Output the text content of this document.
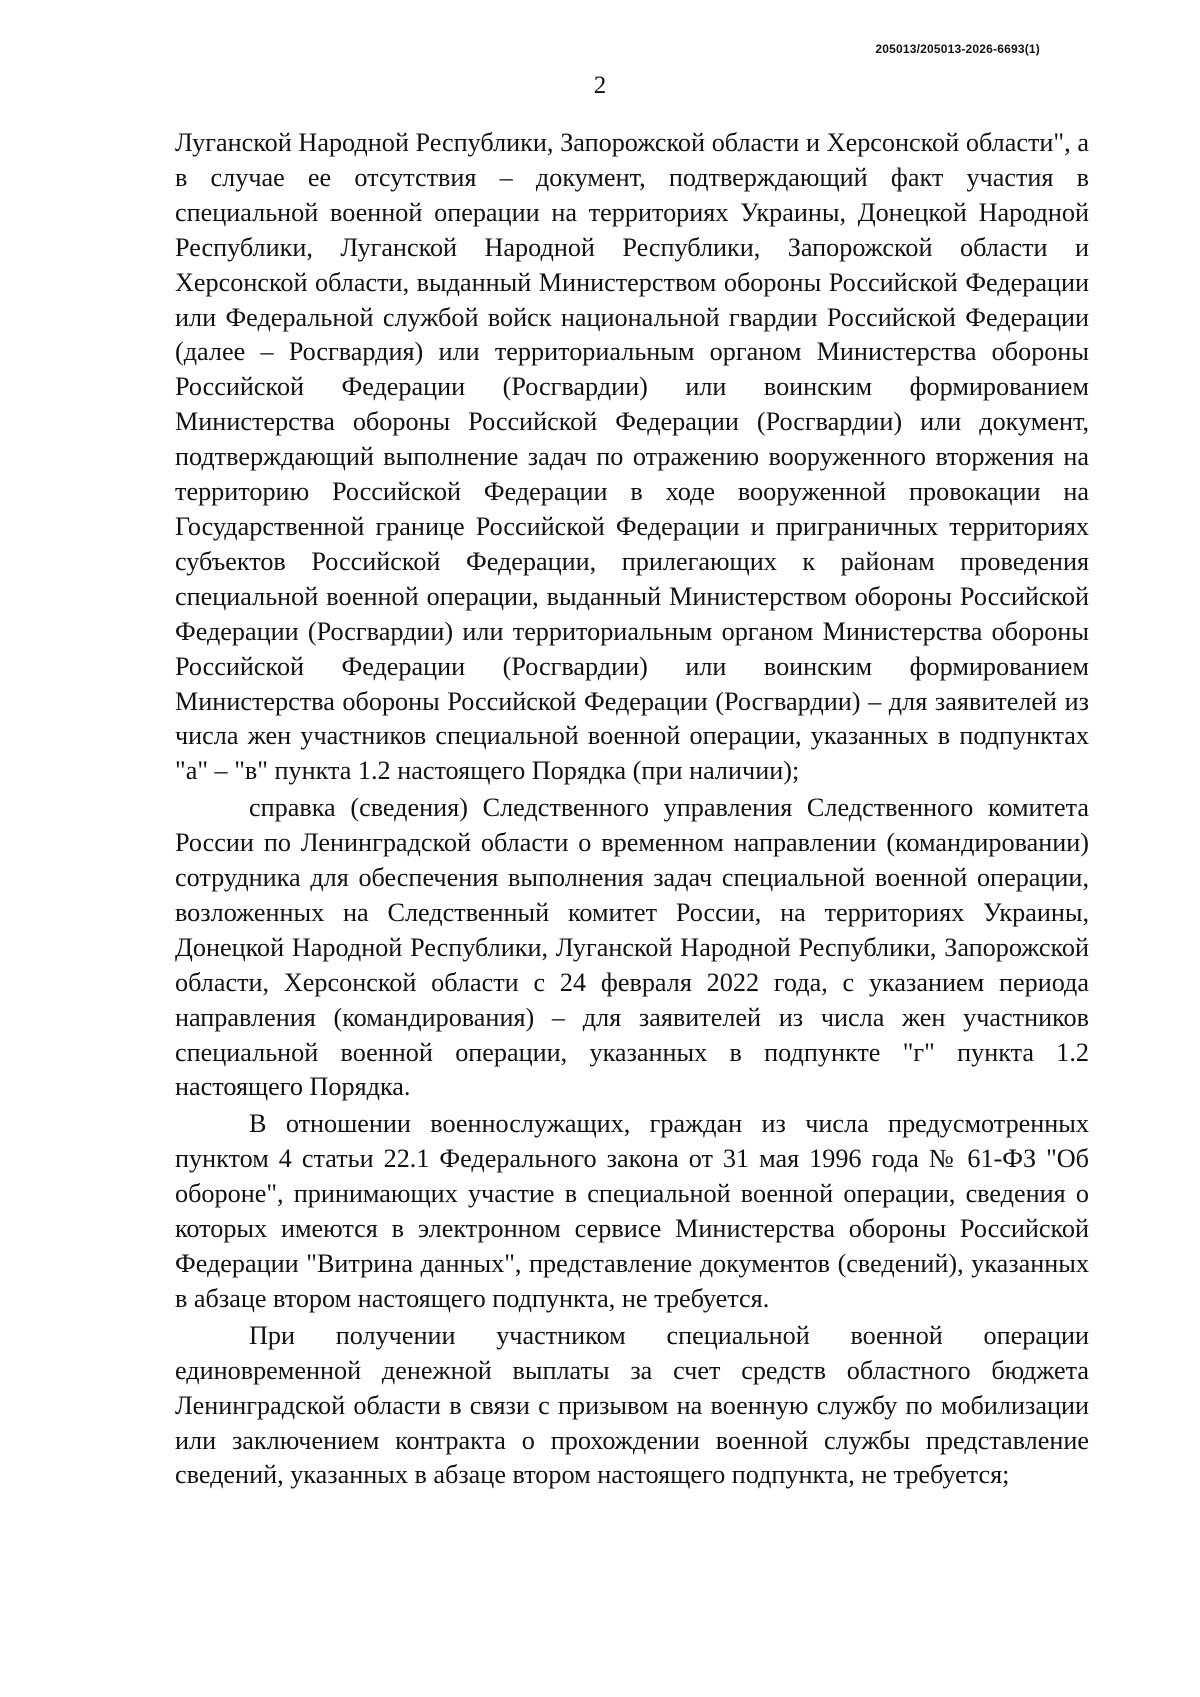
205013/205013-2026-6693(1)
2

Луганской Народной Республики, Запорожской области и Херсонской области", а в случае ее отсутствия – документ, подтверждающий факт участия в специальной военной операции на территориях Украины, Донецкой Народной Республики, Луганской Народной Республики, Запорожской области и Херсонской области, выданный Министерством обороны Российской Федерации или Федеральной службой войск национальной гвардии Российской Федерации (далее – Росгвардия) или территориальным органом Министерства обороны Российской Федерации (Росгвардии) или воинским формированием Министерства обороны Российской Федерации (Росгвардии) или документ, подтверждающий выполнение задач по отражению вооруженного вторжения на территорию Российской Федерации в ходе вооруженной провокации на Государственной границе Российской Федерации и приграничных территориях субъектов Российской Федерации, прилегающих к районам проведения специальной военной операции, выданный Министерством обороны Российской Федерации (Росгвардии) или территориальным органом Министерства обороны Российской Федерации (Росгвардии) или воинским формированием Министерства обороны Российской Федерации (Росгвардии) – для заявителей из числа жен участников специальной военной операции, указанных в подпунктах "а" – "в" пункта 1.2 настоящего Порядка (при наличии);

справка (сведения) Следственного управления Следственного комитета России по Ленинградской области о временном направлении (командировании) сотрудника для обеспечения выполнения задач специальной военной операции, возложенных на Следственный комитет России, на территориях Украины, Донецкой Народной Республики, Луганской Народной Республики, Запорожской области, Херсонской области с 24 февраля 2022 года, с указанием периода направления (командирования) – для заявителей из числа жен участников специальной военной операции, указанных в подпункте "г" пункта 1.2 настоящего Порядка.

В отношении военнослужащих, граждан из числа предусмотренных пунктом 4 статьи 22.1 Федерального закона от 31 мая 1996 года № 61-ФЗ "Об обороне", принимающих участие в специальной военной операции, сведения о которых имеются в электронном сервисе Министерства обороны Российской Федерации "Витрина данных", представление документов (сведений), указанных в абзаце втором настоящего подпункта, не требуется.

При получении участником специальной военной операции единовременной денежной выплаты за счет средств областного бюджета Ленинградской области в связи с призывом на военную службу по мобилизации или заключением контракта о прохождении военной службы представление сведений, указанных в абзаце втором настоящего подпункта, не требуется;
